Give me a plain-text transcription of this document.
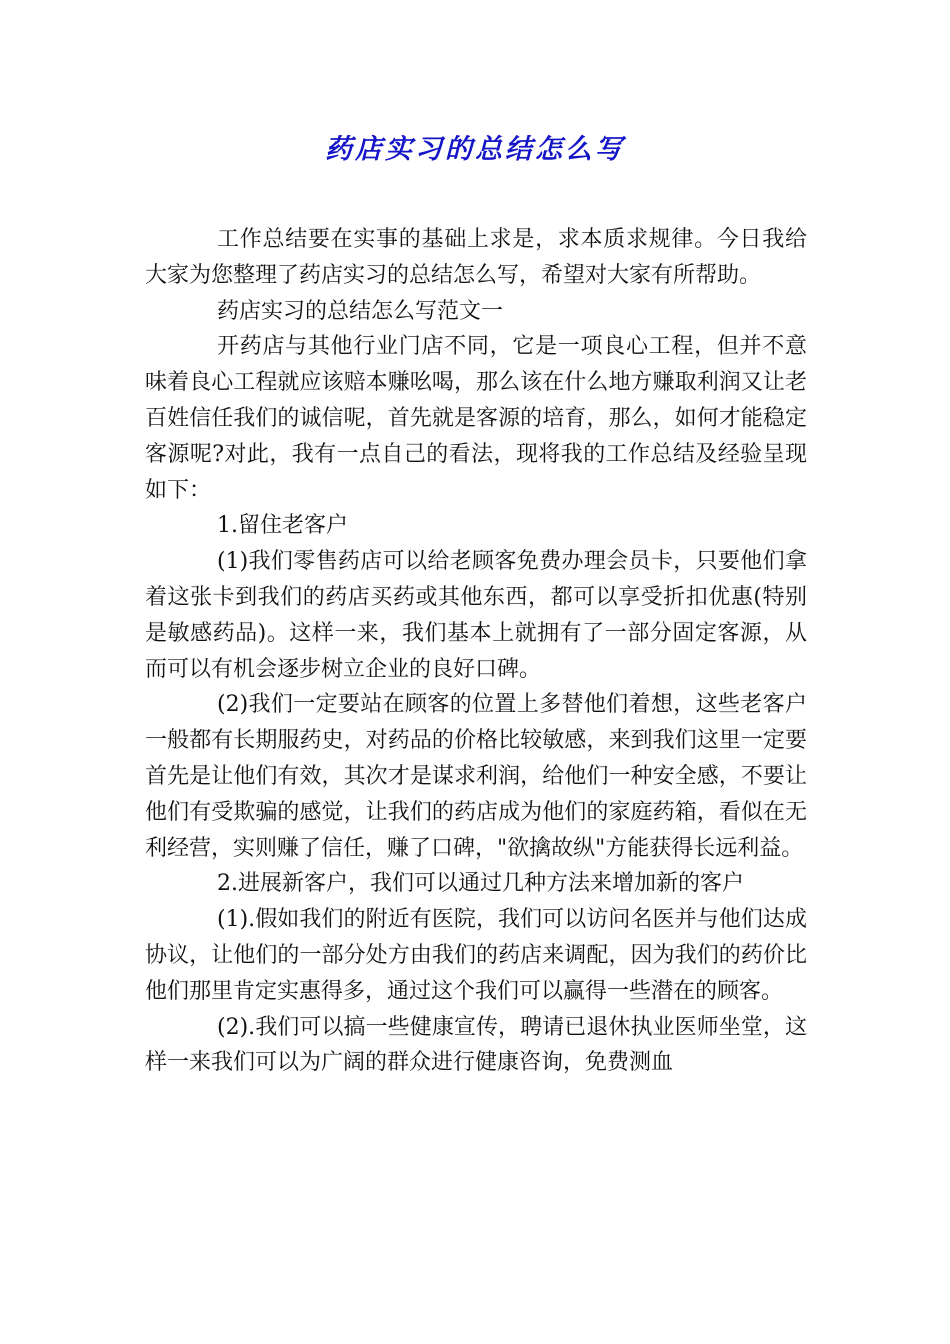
药店实习的总结怎么写

工作总结要在实事的基础上求是，求本质求规律。今日我给大家为您整理了药店实习的总结怎么写，希望对大家有所帮助。

药店实习的总结怎么写范文一

开药店与其他行业门店不同，它是一项良心工程，但并不意味着良心工程就应该赔本赚吆喝，那么该在什么地方赚取利润又让老百姓信任我们的诚信呢，首先就是客源的培育，那么，如何才能稳定客源呢?对此，我有一点自己的看法，现将我的工作总结及经验呈现如下：

1.留住老客户

(1)我们零售药店可以给老顾客免费办理会员卡，只要他们拿着这张卡到我们的药店买药或其他东西，都可以享受折扣优惠(特别是敏感药品)。这样一来，我们基本上就拥有了一部分固定客源，从而可以有机会逐步树立企业的良好口碑。

(2)我们一定要站在顾客的位置上多替他们着想，这些老客户一般都有长期服药史，对药品的价格比较敏感，来到我们这里一定要首先是让他们有效，其次才是谋求利润，给他们一种安全感，不要让他们有受欺骗的感觉，让我们的药店成为他们的家庭药箱，看似在无利经营，实则赚了信任，赚了口碑，"欲擒故纵"方能获得长远利益。

2.进展新客户，我们可以通过几种方法来增加新的客户

(1).假如我们的附近有医院，我们可以访问名医并与他们达成协议，让他们的一部分处方由我们的药店来调配，因为我们的药价比他们那里肯定实惠得多，通过这个我们可以赢得一些潜在的顾客。

(2).我们可以搞一些健康宣传，聘请已退休执业医师坐堂，这样一来我们可以为广阔的群众进行健康咨询，免费测血
